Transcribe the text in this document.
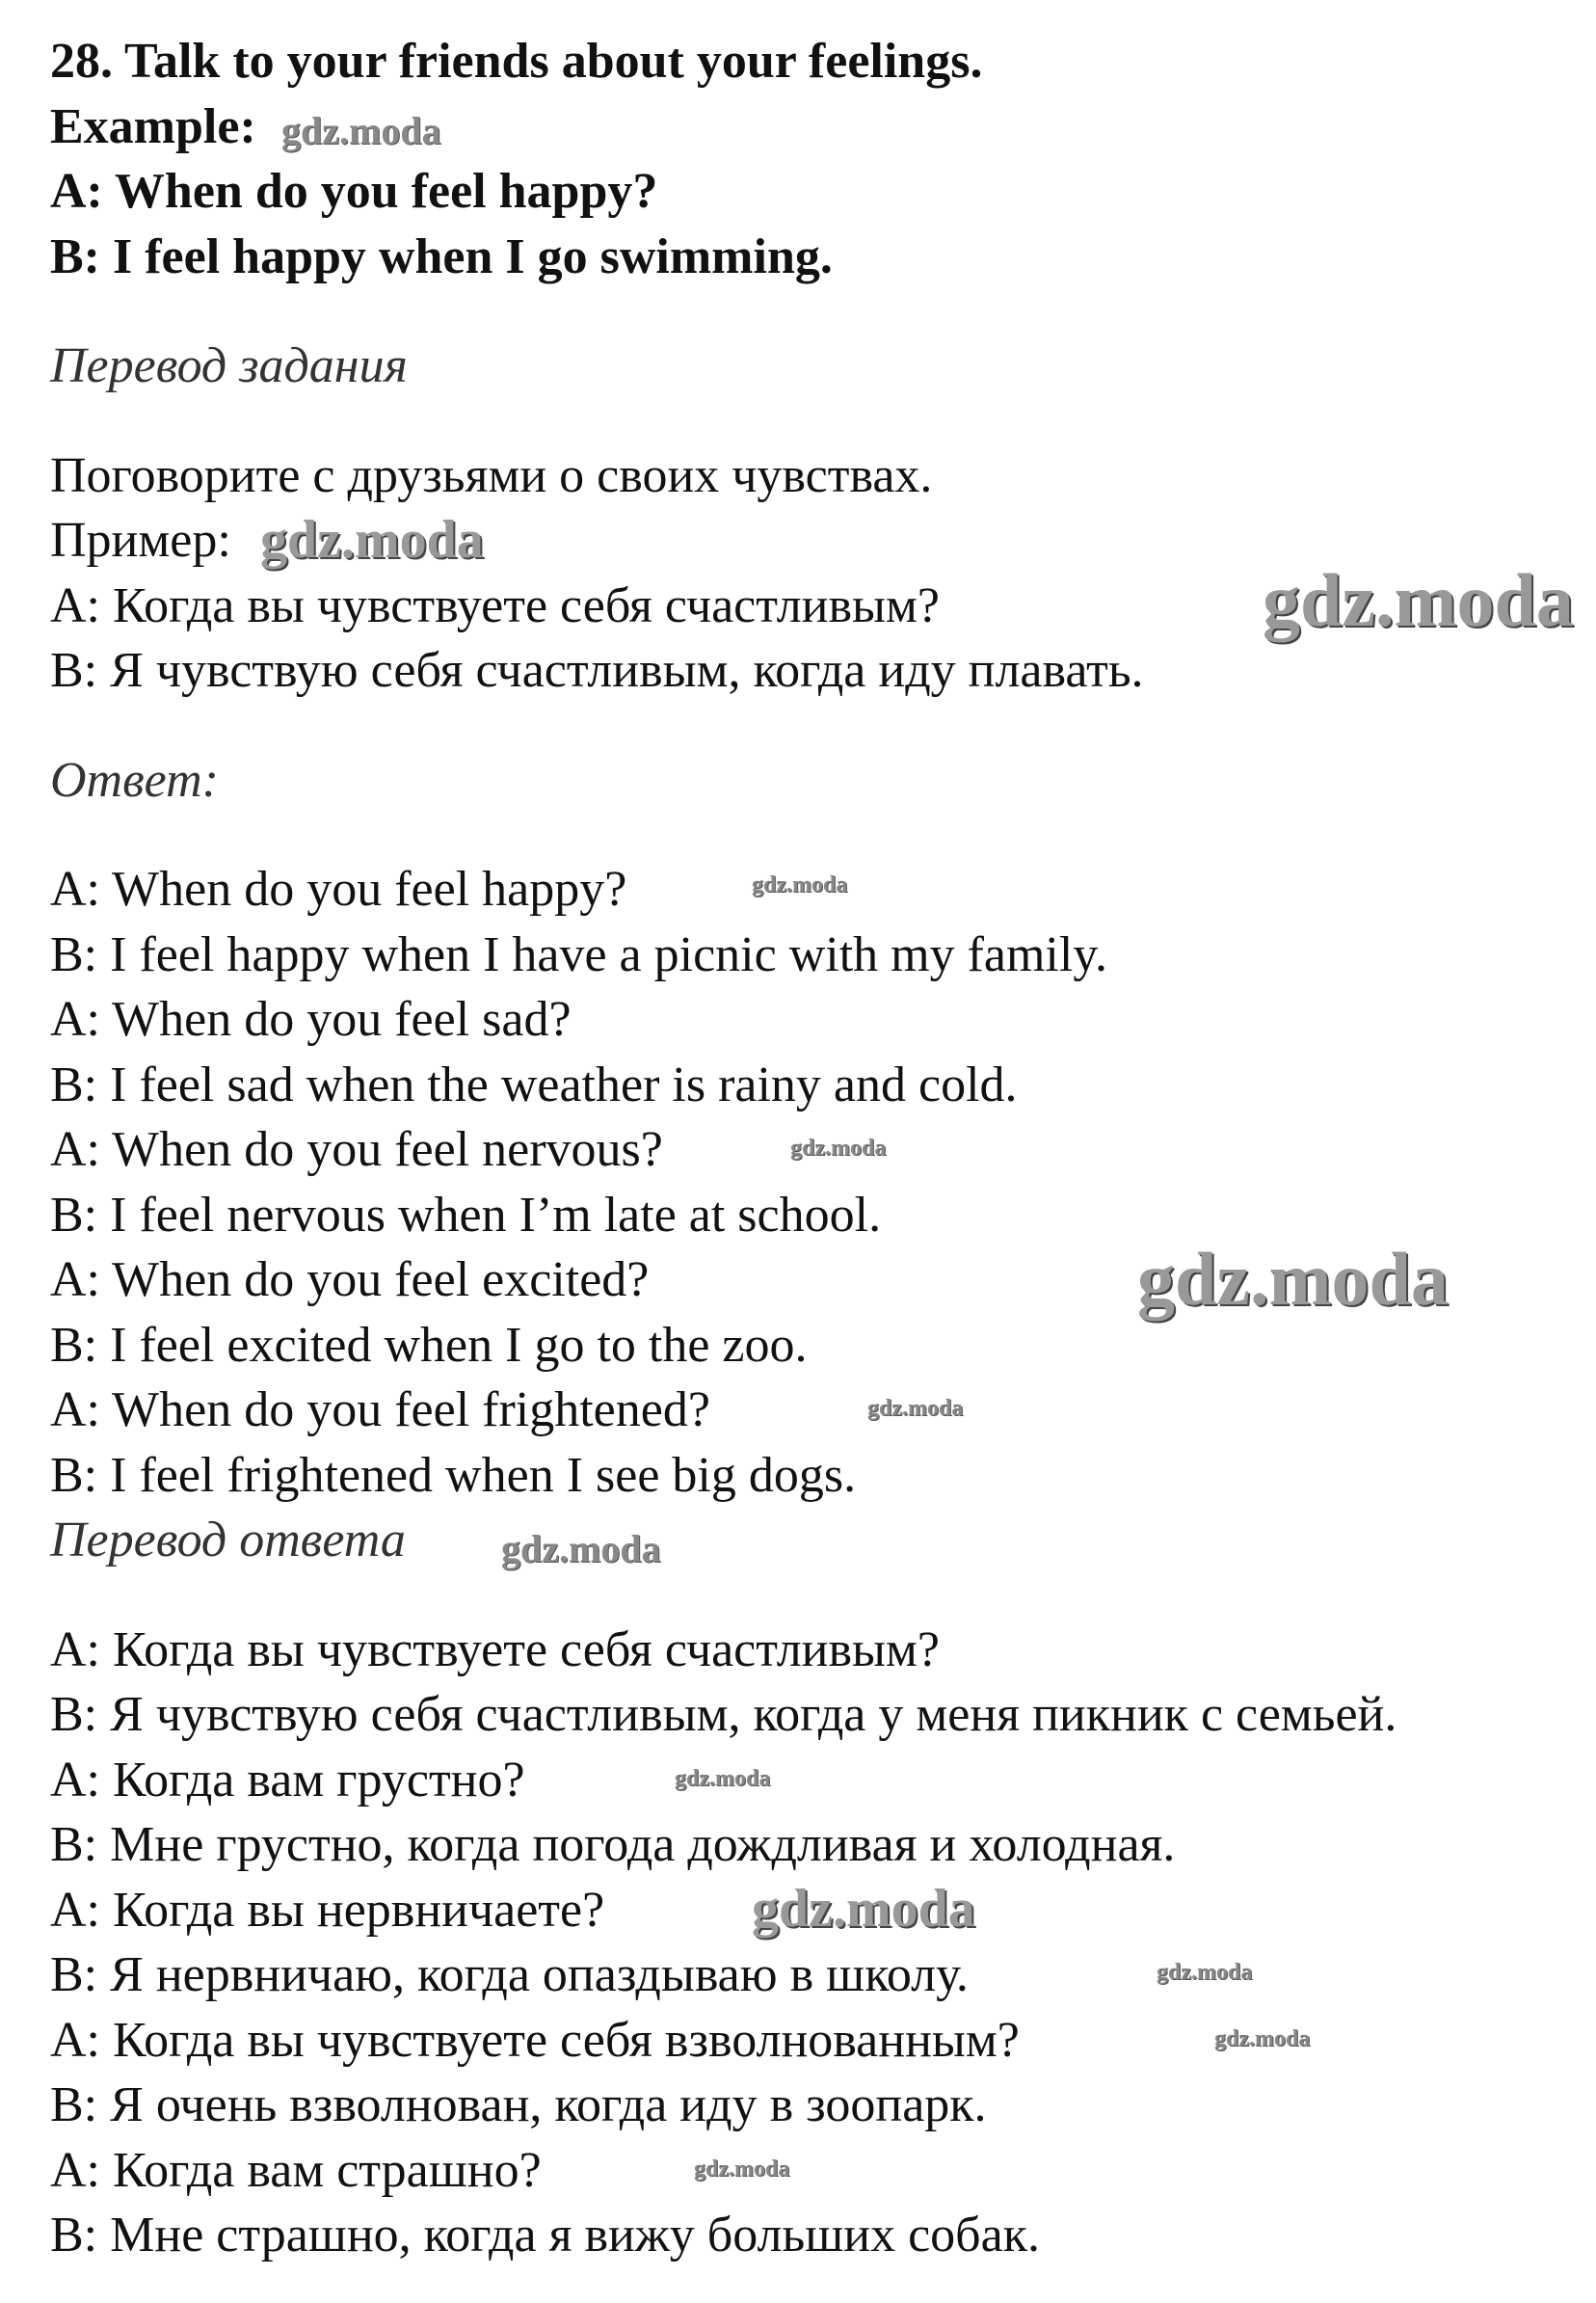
28. Talk to your friends about your feelings.
Example:
A: When do you feel happy?
B: I feel happy when I go swimming.
Перевод задания
Поговорите с друзьями о своих чувствах.
Пример:
А: Когда вы чувствуете себя счастливым?
В: Я чувствую себя счастливым, когда иду плавать.
Ответ:
A: When do you feel happy?
B: I feel happy when I have a picnic with my family.
A: When do you feel sad?
B: I feel sad when the weather is rainy and cold.
A: When do you feel nervous?
B: I feel nervous when I’m late at school.
A: When do you feel excited?
B: I feel excited when I go to the zoo.
A: When do you feel frightened?
B: I feel frightened when I see big dogs.
Перевод ответа
А: Когда вы чувствуете себя счастливым?
В: Я чувствую себя счастливым, когда у меня пикник с семьей.
А: Когда вам грустно?
В: Мне грустно, когда погода дождливая и холодная.
А: Когда вы нервничаете?
В: Я нервничаю, когда опаздываю в школу.
А: Когда вы чувствуете себя взволнованным?
В: Я очень взволнован, когда иду в зоопарк.
А: Когда вам страшно?
В: Мне страшно, когда я вижу больших собак.
gdz.moda
gdz.moda
gdz.moda
gdz.moda
gdz.moda
gdz.moda
gdz.moda
gdz.moda
gdz.moda
gdz.moda
gdz.moda
gdz.moda
gdz.moda
